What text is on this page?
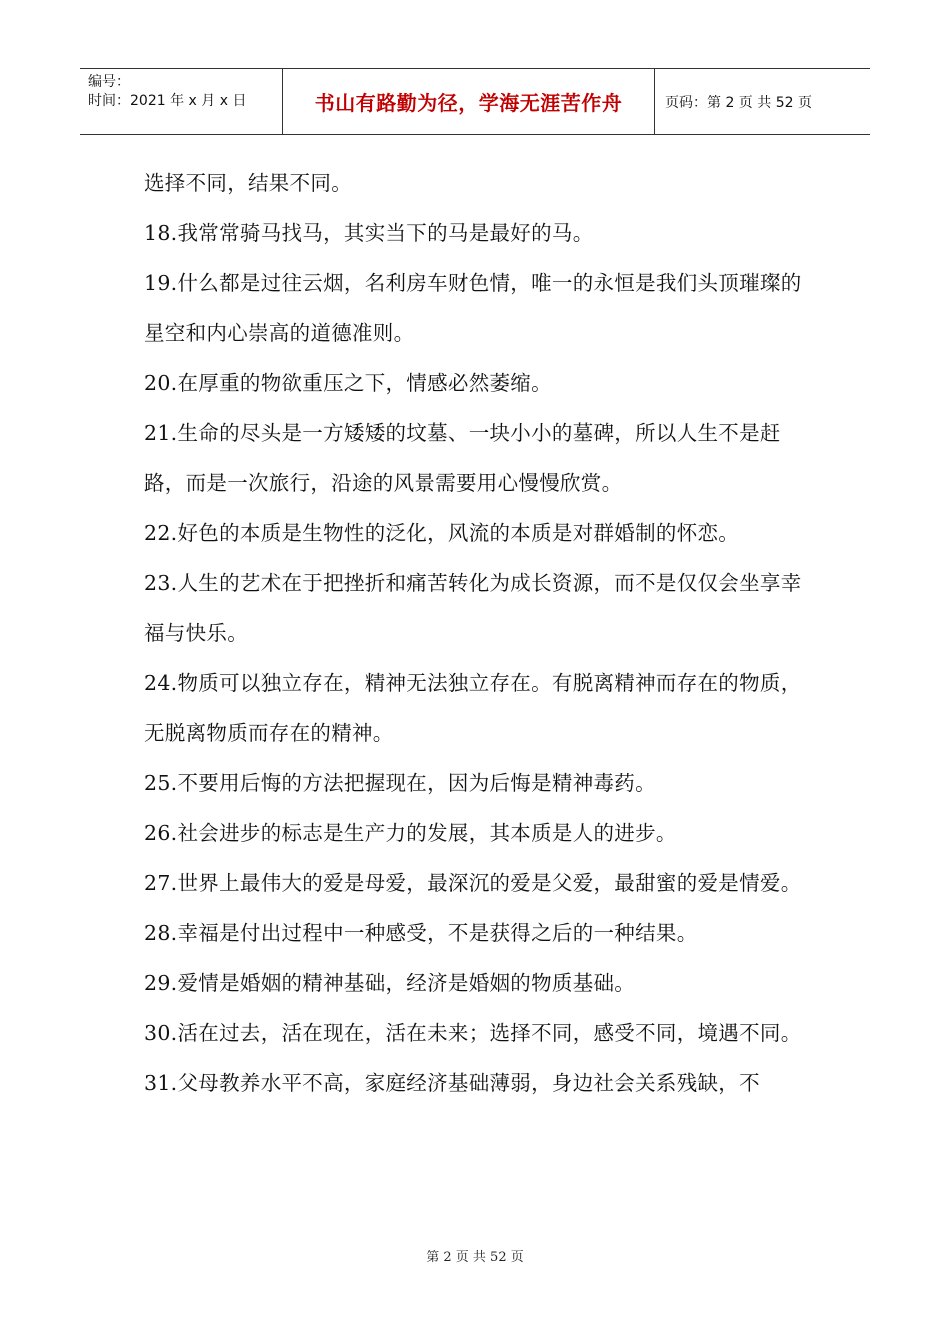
编号：
时间：2021 年 x 月 x 日	书山有路勤为径，学海无涯苦作舟	页码：第 2 页 共 52 页

选择不同，结果不同。

18.我常常骑马找马，其实当下的马是最好的马。

19.什么都是过往云烟，名利房车财色情，唯一的永恒是我们头顶璀璨的星空和内心崇高的道德准则。

20.在厚重的物欲重压之下，情感必然萎缩。

21.生命的尽头是一方矮矮的坟墓、一块小小的墓碑，所以人生不是赶路，而是一次旅行，沿途的风景需要用心慢慢欣赏。

22.好色的本质是生物性的泛化，风流的本质是对群婚制的怀恋。

23.人生的艺术在于把挫折和痛苦转化为成长资源，而不是仅仅会坐享幸福与快乐。

24.物质可以独立存在，精神无法独立存在。有脱离精神而存在的物质，无脱离物质而存在的精神。

25.不要用后悔的方法把握现在，因为后悔是精神毒药。

26.社会进步的标志是生产力的发展，其本质是人的进步。

27.世界上最伟大的爱是母爱，最深沉的爱是父爱，最甜蜜的爱是情爱。

28.幸福是付出过程中一种感受，不是获得之后的一种结果。

29.爱情是婚姻的精神基础，经济是婚姻的物质基础。

30.活在过去，活在现在，活在未来；选择不同，感受不同，境遇不同。

31.父母教养水平不高，家庭经济基础薄弱，身边社会关系残缺，不

第 2 页 共 52 页
